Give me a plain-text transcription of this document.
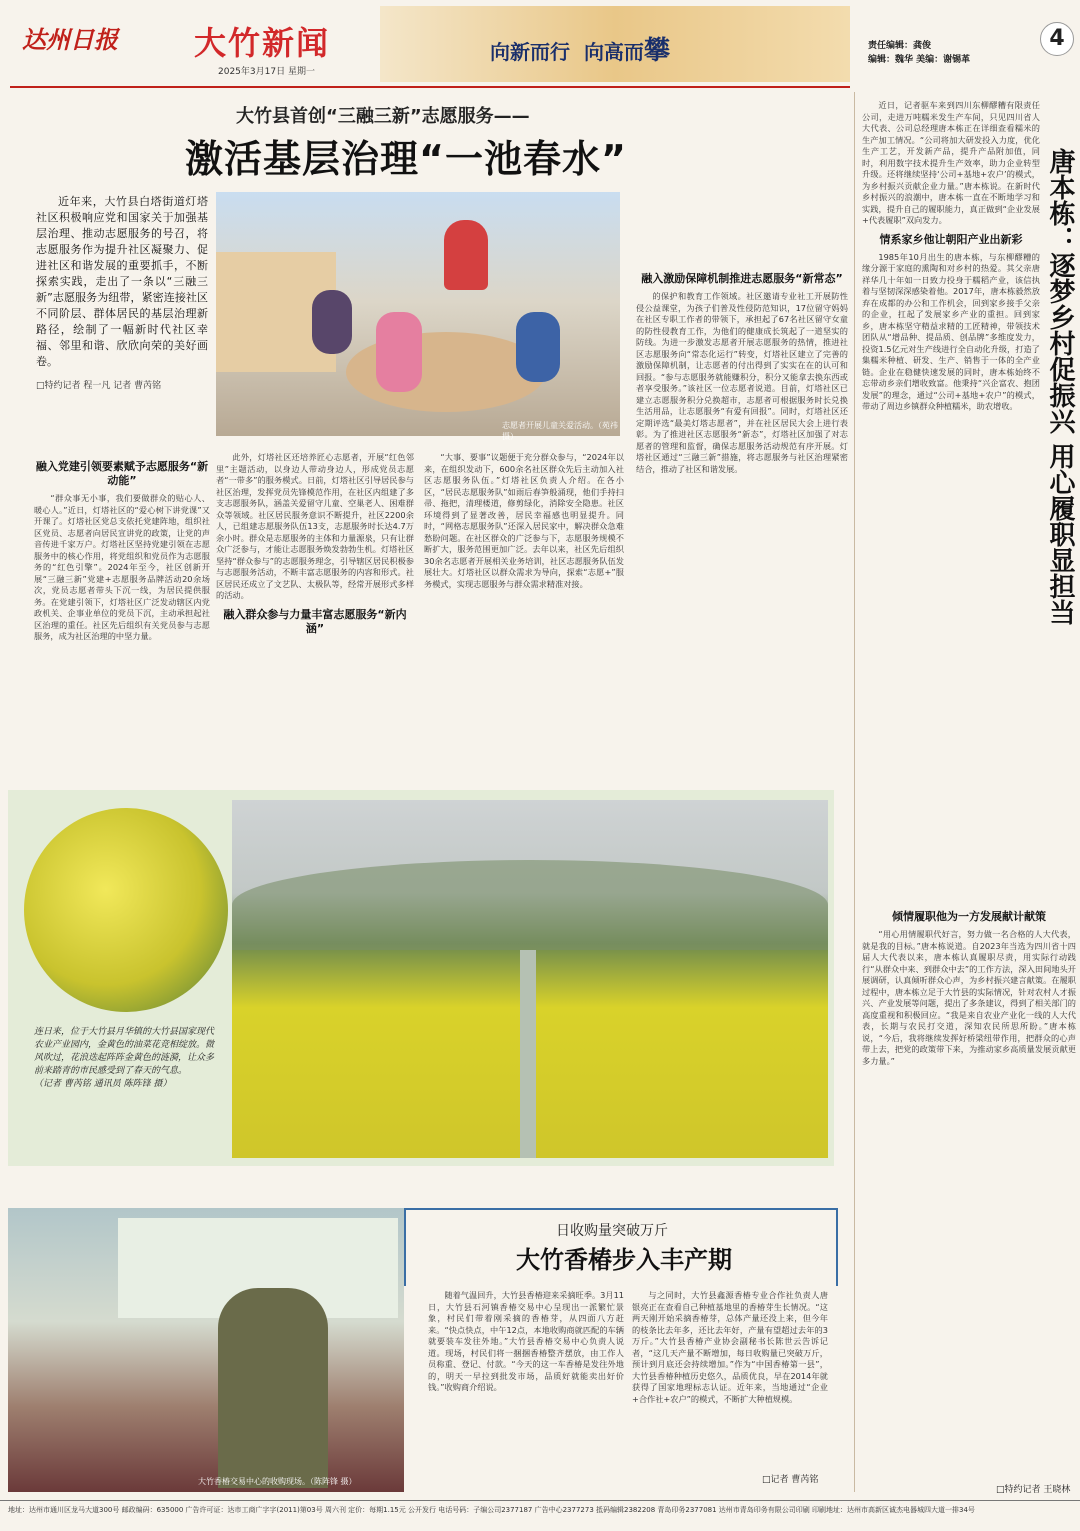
达州日报 大竹新闻
2025年3月17日 星期一
向新而行 向高而攀	责任编辑：龚俊
编辑：魏华 美编：谢锡革
4
大竹县首创“三融三新”志愿服务——
激活基层治理“一池春水”
近年来，大竹县白塔街道灯塔社区积极响应党和国家关于加强基层治理、推动志愿服务的号召，将志愿服务作为提升社区凝聚力、促进社区和谐发展的重要抓手，不断探索实践，走出了一条以“三融三新”志愿服务为纽带，紧密连接社区不同阶层、群体居民的基层治理新路径，绘制了一幅新时代社区幸福、邻里和谐、欣欣向荣的美好画卷。
□特约记者 程一凡 记者 曹芮铭
志愿者开展儿童关爱活动。（苑祎 摄）
融入党建引领要素赋予志愿服务“新动能”

“群众事无小事，我们要做群众的贴心人、暖心人。”近日，灯塔社区的“爱心树下讲党课”又开课了。灯塔社区党总支依托党建阵地，组织社区党员、志愿者向居民宣讲党的政策，让党的声音传进千家万户。灯塔社区坚持党建引领在志愿服务中的核心作用，将党组织和党员作为志愿服务的“红色引擎”。2024年至今，社区创新开展“三融三新”党建+志愿服务品牌活动20余场次，党员志愿者带头下沉一线，为居民提供服务。在党建引领下，灯塔社区广泛发动辖区内党政机关、企事业单位的党员下沉，主动承担起社区治理的重任。社区先后组织有关党员参与志愿服务，成为社区治理的中坚力量。

此外，灯塔社区还培养匠心志愿者，开展“红色邻里”主题活动，以身边人带动身边人，形成党员志愿者“一带多”的服务模式。日前，灯塔社区引导居民参与社区治理，发挥党员先锋模范作用，在社区内组建了多支志愿服务队，涵盖关爱留守儿童、空巢老人、困难群众等领域。社区居民服务意识不断提升，社区2200余人，已组建志愿服务队伍13支，志愿服务时长达4.7万余小时。群众是志愿服务的主体和力量源泉，只有让群众广泛参与，才能让志愿服务焕发勃勃生机。灯塔社区坚持“群众参与”的志愿服务理念，引导辖区居民积极参与志愿服务活动，不断丰富志愿服务的内容和形式。社区居民还成立了文艺队、太极队等，经常开展形式多样的活动。

融入群众参与力量丰富志愿服务“新内涵”

“大事、要事”议题便于充分群众参与，“2024年以来，在组织发动下，600余名社区群众先后主动加入社区志愿服务队伍。”灯塔社区负责人介绍。在各小区，“居民志愿服务队”如雨后春笋般涌现，他们手持扫帚、拖把，清理楼道，修剪绿化，消除安全隐患。社区环境得到了显著改善，居民幸福感也明显提升。同时，“网格志愿服务队”还深入居民家中，解决群众急难愁盼问题。在社区群众的广泛参与下，志愿服务规模不断扩大，服务范围更加广泛。去年以来，社区先后组织30余名志愿者开展相关业务培训，社区志愿服务队伍发展壮大。灯塔社区以群众需求为导向，探索“志愿+”服务模式，实现志愿服务与群众需求精准对接。

融入激励保障机制推进志愿服务“新常态”

的保护和教育工作领域。社区邀请专业社工开展防性侵公益课堂，为孩子们普及性侵防范知识，17位留守妈妈在社区专职工作者的带领下，承担起了67名社区留守女童的防性侵教育工作，为他们的健康成长筑起了一道坚实的防线。为进一步激发志愿者开展志愿服务的热情，推进社区志愿服务向“常态化运行”转变，灯塔社区建立了完善的激励保障机制，让志愿者的付出得到了实实在在的认可和回报。“参与志愿服务就能赚积分，积分又能拿去换东西或者享受服务。”该社区一位志愿者说道。目前，灯塔社区已建立志愿服务积分兑换超市，志愿者可根据服务时长兑换生活用品，让志愿服务“有爱有回报”。同时，灯塔社区还定期评选“最美灯塔志愿者”，并在社区居民大会上进行表彰。为了推进社区志愿服务“新态”，灯塔社区加强了对志愿者的管理和监督，确保志愿服务活动规范有序开展。灯塔社区通过“三融三新”措施，将志愿服务与社区治理紧密结合，推动了社区和谐发展。

连日来，位于大竹县月华镇的大竹县国家现代农业产业园内，金黄色的油菜花竞相绽放。微风吹过，花浪迭起阵阵金黄色的涟漪，让众多前来踏青的市民感受到了春天的气息。
（记者 曹芮铭 通讯员 陈阵锋 摄）
大竹香椿交易中心的收购现场。（陈阵锋 摄）
日收购量突破万斤
大竹香椿步入丰产期

随着气温回升，大竹县香椿迎来采摘旺季。3月11日，大竹县石河镇香椿交易中心呈现出一派繁忙景象，村民们带着刚采摘的香椿芽，从四面八方赶来。“快点快点，中午12点，本地收购商就匹配的车辆就要装车发往外地。”大竹县香椿交易中心负责人说道。现场，村民们将一捆捆香椿整齐摆放，由工作人员称重、登记、付款。“今天的这一车香椿是发往外地的，明天一早拉到批发市场，品质好就能卖出好价钱。”收购商介绍说。

与之同时，大竹县鑫源香椿专业合作社负责人唐银亮正在查看自己种植基地里的香椿芽生长情况。“这两天刚开始采摘香椿芽，总体产量还没上来，但今年的枝条比去年多，还比去年好，产量有望超过去年的3万斤。”大竹县香椿产业协会副秘书长陈世云告诉记者，“这几天产量不断增加，每日收购量已突破万斤，预计到月底还会持续增加。”作为“中国香椿第一县”，大竹县香椿种植历史悠久，品质优良，早在2014年就获得了国家地理标志认证。近年来，当地通过“企业+合作社+农户”的模式，不断扩大种植规模。

□记者 曹芮铭

近日，记者驱车来到四川东柳醪糟有限责任公司，走进万吨糯米发生产车间，只见四川省人大代表、公司总经理唐本栋正在详细查看糯米的生产加工情况。“公司将加大研发投入力度，优化生产工艺，开发新产品，提升产品附加值，同时，利用数字技术提升生产效率，助力企业转型升级。还将继续坚持‘公司+基地+农户’的模式，为乡村振兴贡献企业力量。”唐本栋说。在新时代乡村振兴的浪潮中，唐本栋一直在不断地学习和实践，提升自己的履职能力，真正做到“企业发展+代表履职”双向发力。

情系家乡他让朝阳产业出新彩

1985年10月出生的唐本栋，与东柳醪糟的缘分源于家庭的熏陶和对乡村的热爱。其父亲唐祥华几十年如一日致力投身于糯稻产业，该信执着与坚韧深深感染着他。2017年，唐本栋毅然放弃在成都的办公和工作机会，回到家乡接手父亲的企业，扛起了发展家乡产业的重担。回到家乡，唐本栋坚守精益求精的工匠精神，带领技术团队从“增品种、提品质、创品牌”多维度发力，投资1.5亿元对生产线进行全自动化升级，打造了集糯米种植、研发、生产、销售于一体的全产业链。企业在稳健快速发展的同时，唐本栋始终不忘带动乡亲们增收致富。他秉持“兴企富农、抱团发展”的理念，通过“公司+基地+农户”的模式，带动了周边乡镇群众种植糯米，助农增收。	唐本栋：逐梦乡村促振兴 用心履职显担当
倾情履职他为一方发展献计献策

“用心用情履职代好言，努力做一名合格的人大代表，就是我的目标。”唐本栋说道。自2023年当选为四川省十四届人大代表以来，唐本栋认真履职尽责，用实际行动践行“从群众中来、到群众中去”的工作方法，深入田间地头开展调研，认真倾听群众心声，为乡村振兴建言献策。在履职过程中，唐本栋立足于大竹县的实际情况，针对农村人才振兴、产业发展等问题，提出了多条建议，得到了相关部门的高度重视和积极回应。“我是来自农业产业化一线的人大代表，长期与农民打交道，深知农民所思所盼。”唐本栋说，“今后，我将继续发挥好桥梁纽带作用，把群众的心声带上去，把党的政策带下来，为推动家乡高质量发展贡献更多力量。”

□特约记者 王晓林
地址：达州市通川区龙马大道300号 邮政编码：635000 广告许可证：达市工商广字字(2011)第03号 周六刊 定价：每期1.15元 公开发行 电话号码：子编公司2377187 广告中心2377273 抵码编辑2382208 青岛印务2377081 达州市青岛印务有限公司印刷 印刷地址：达州市高新区诚杰电器城四大道一排34号
